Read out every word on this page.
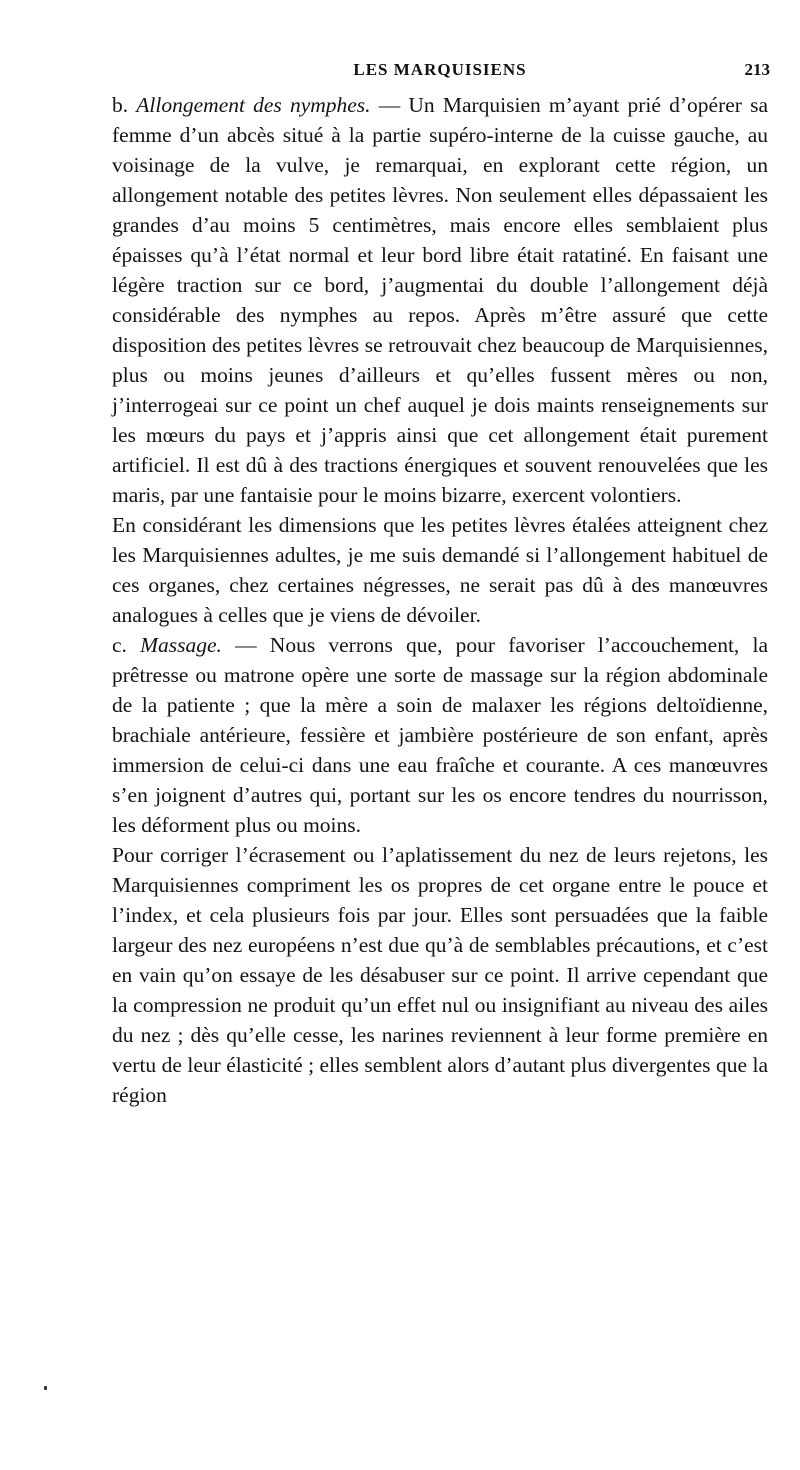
LES MARQUISIENS	213

b. Allongement des nymphes. — Un Marquisien m’ayant prié d’opérer sa femme d’un abcès situé à la partie supéro-interne de la cuisse gauche, au voisinage de la vulve, je remarquai, en explorant cette région, un allongement notable des petites lèvres. Non seulement elles dépassaient les grandes d’au moins 5 centimètres, mais encore elles semblaient plus épaisses qu’à l’état normal et leur bord libre était ratatiné. En faisant une légère traction sur ce bord, j’augmentai du double l’allongement déjà considérable des nymphes au repos. Après m’être assuré que cette disposition des petites lèvres se retrouvait chez beaucoup de Marquisiennes, plus ou moins jeunes d’ailleurs et qu’elles fussent mères ou non, j’interrogeai sur ce point un chef auquel je dois maints renseignements sur les mœurs du pays et j’appris ainsi que cet allongement était purement artificiel. Il est dû à des tractions énergiques et souvent renouvelées que les maris, par une fantaisie pour le moins bizarre, exercent volontiers.

En considérant les dimensions que les petites lèvres étalées atteignent chez les Marquisiennes adultes, je me suis demandé si l’allongement habituel de ces organes, chez certaines négresses, ne serait pas dû à des manœuvres analogues à celles que je viens de dévoiler.

c. Massage. — Nous verrons que, pour favoriser l’accouchement, la prêtresse ou matrone opère une sorte de massage sur la région abdominale de la patiente ; que la mère a soin de malaxer les régions deltoïdienne, brachiale antérieure, fessière et jambière postérieure de son enfant, après immersion de celui-ci dans une eau fraîche et courante. A ces manœuvres s’en joignent d’autres qui, portant sur les os encore tendres du nourrisson, les déforment plus ou moins.

Pour corriger l’écrasement ou l’aplatissement du nez de leurs rejetons, les Marquisiennes compriment les os propres de cet organe entre le pouce et l’index, et cela plusieurs fois par jour. Elles sont persuadées que la faible largeur des nez européens n’est due qu’à de semblables précautions, et c’est en vain qu’on essaye de les désabuser sur ce point. Il arrive cependant que la compression ne produit qu’un effet nul ou insignifiant au niveau des ailes du nez ; dès qu’elle cesse, les narines reviennent à leur forme première en vertu de leur élasticité ; elles semblent alors d’autant plus divergentes que la région
